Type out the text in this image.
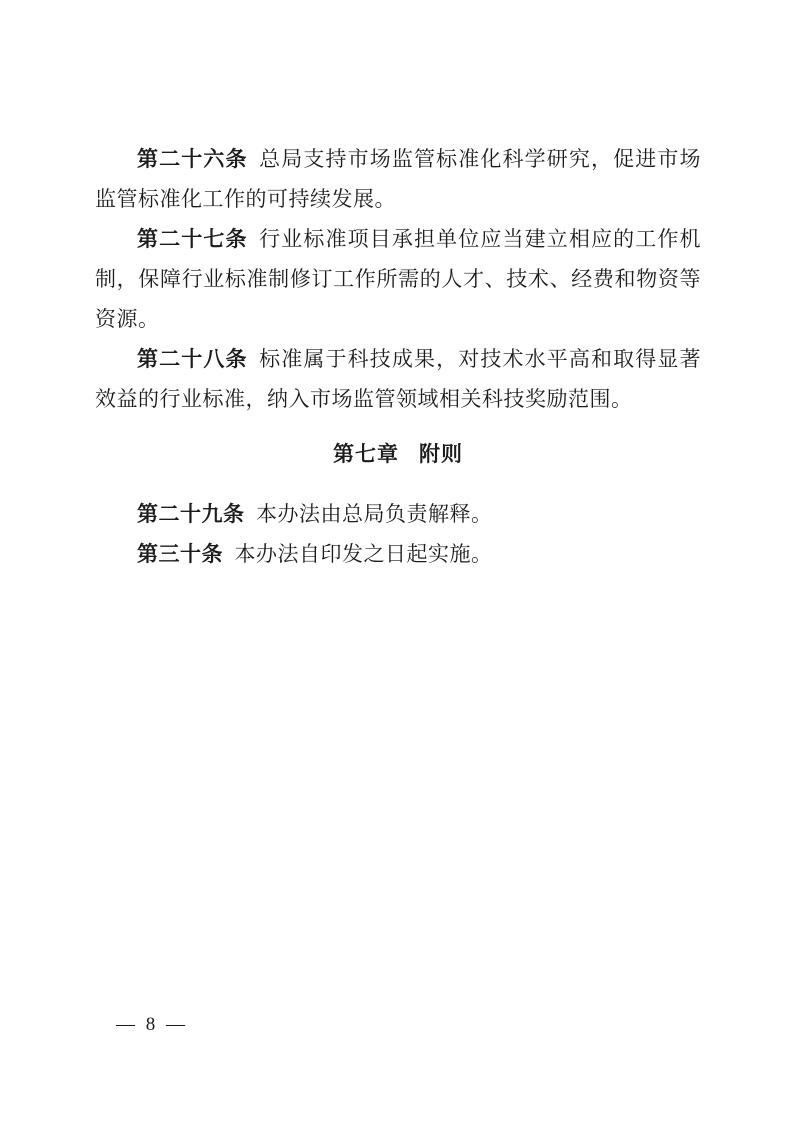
第二十六条 总局支持市场监管标准化科学研究，促进市场监管标准化工作的可持续发展。

第二十七条 行业标准项目承担单位应当建立相应的工作机制，保障行业标准制修订工作所需的人才、技术、经费和物资等资源。

第二十八条 标准属于科技成果，对技术水平高和取得显著效益的行业标准，纳入市场监管领域相关科技奖励范围。

第七章 附则

第二十九条 本办法由总局负责解释。

第三十条 本办法自印发之日起实施。

— 8 —
